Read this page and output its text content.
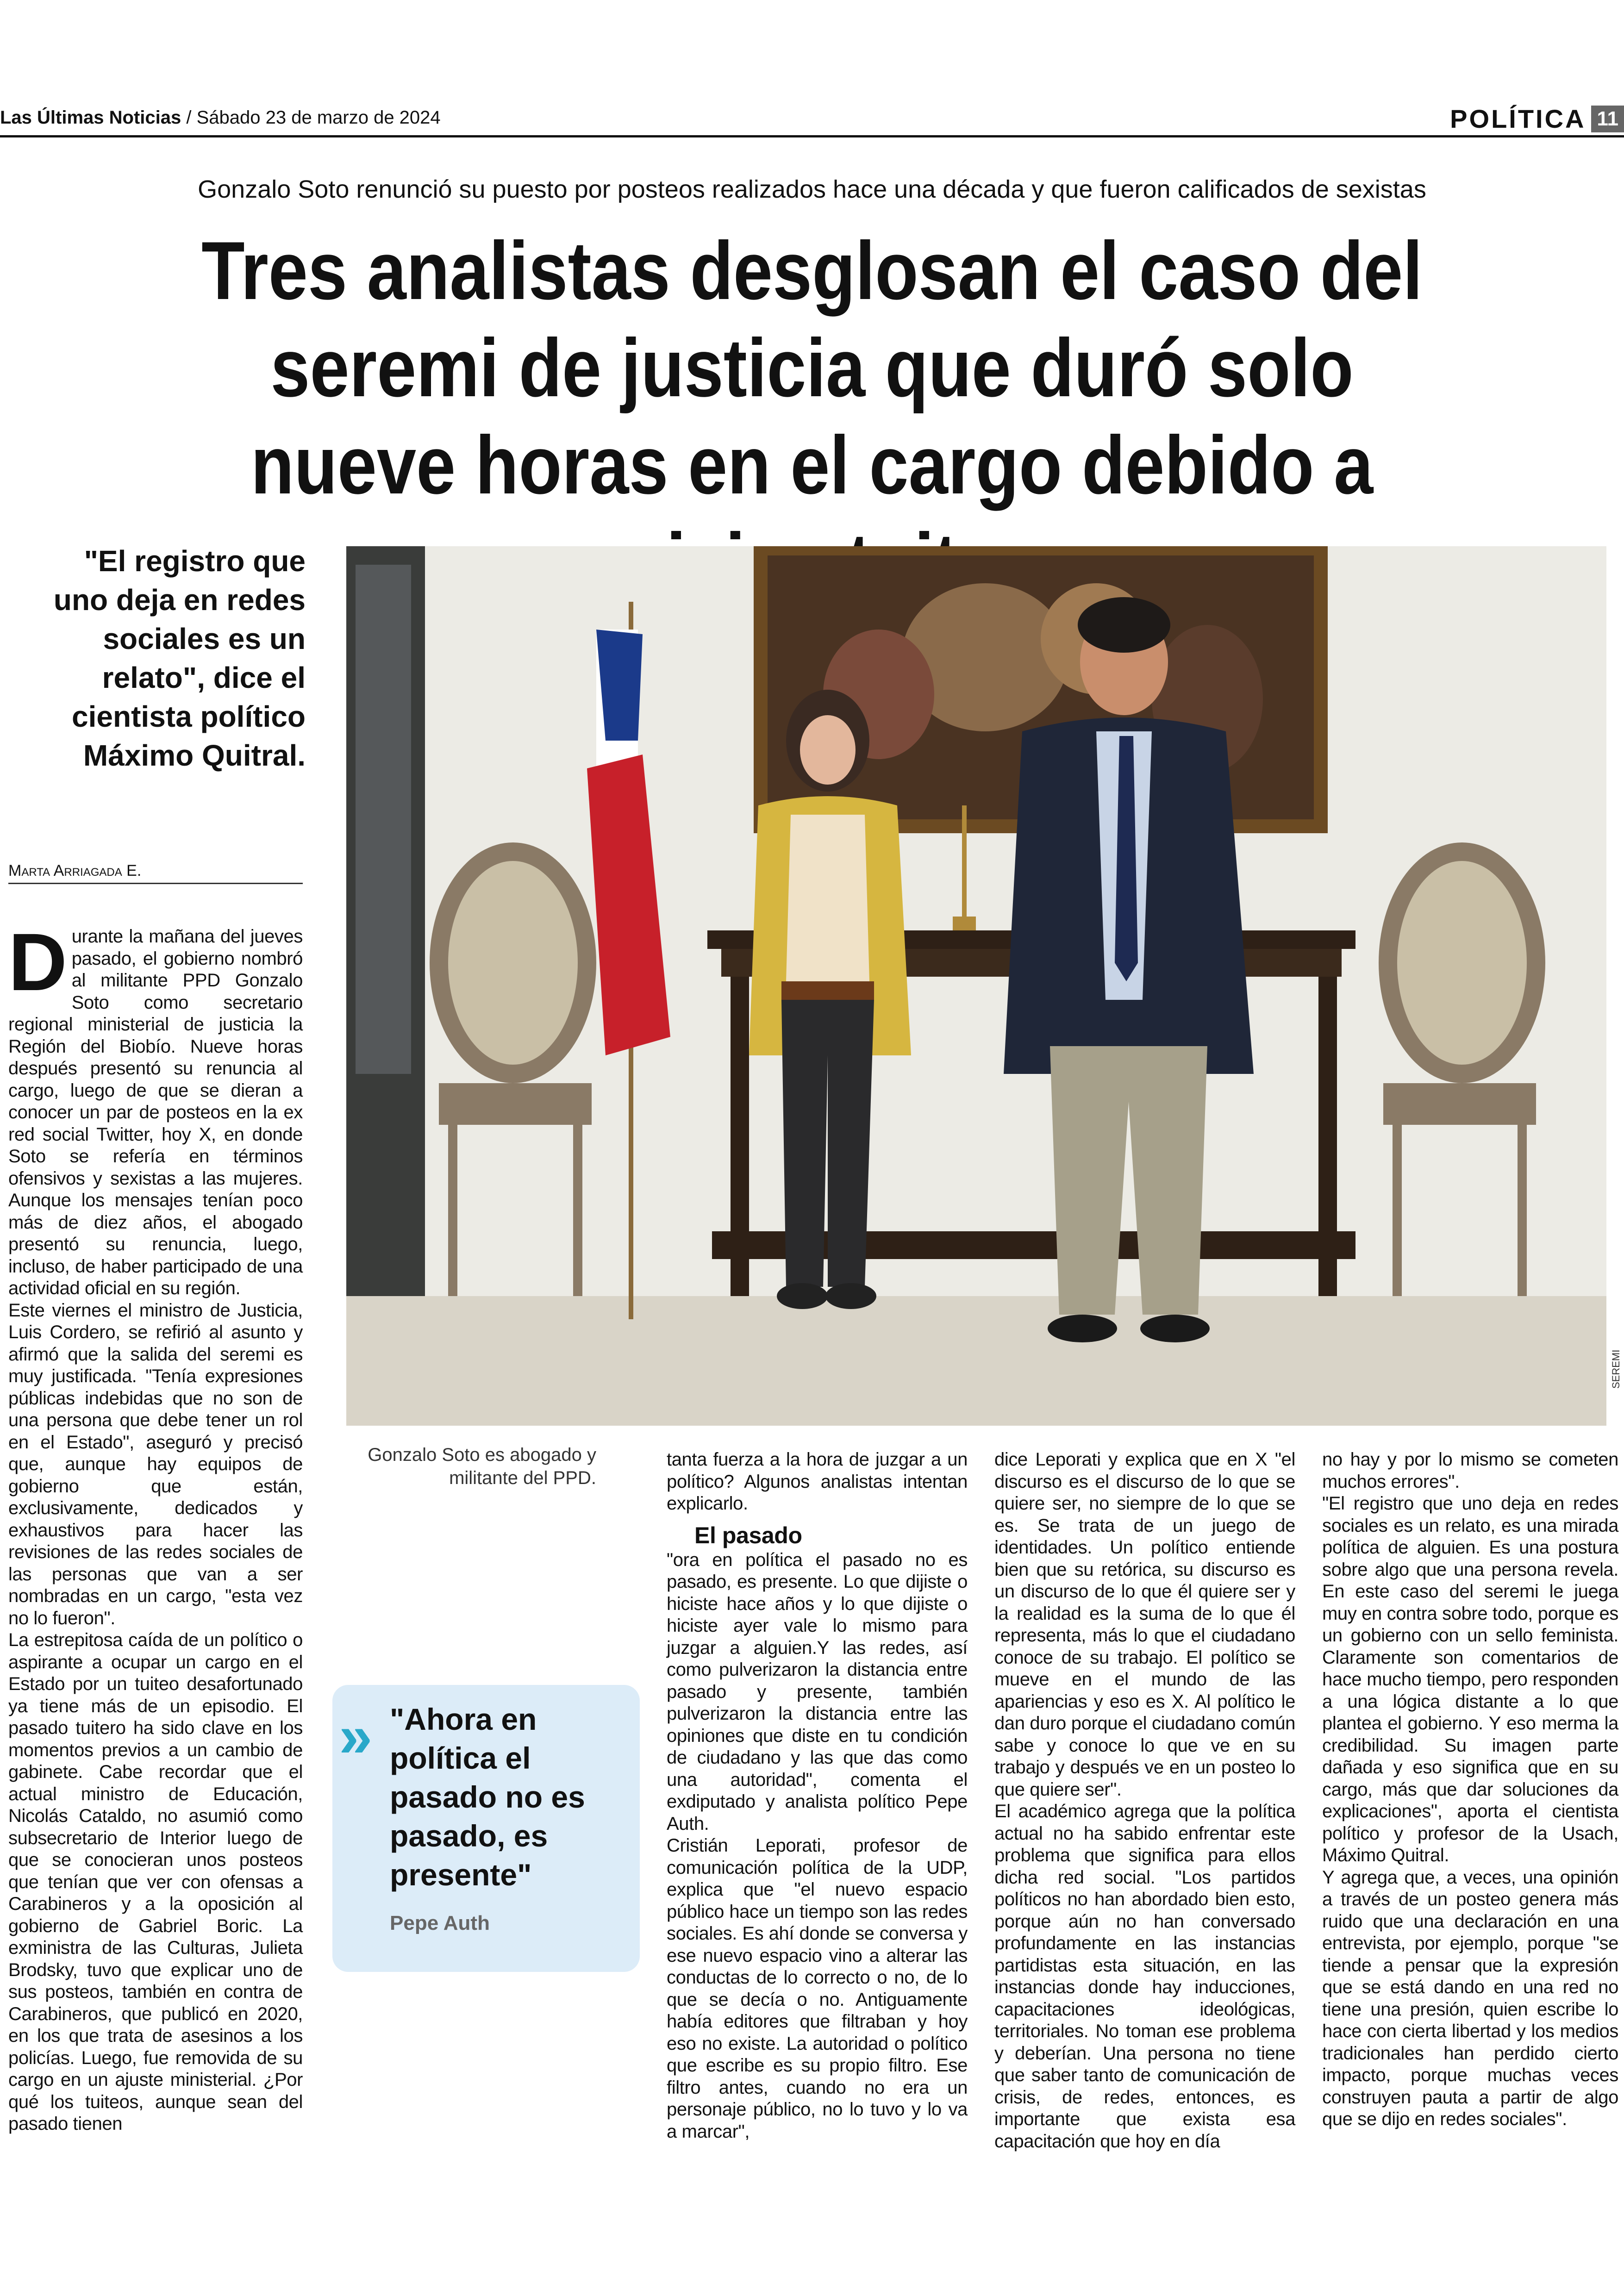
Las Últimas Noticias / Sábado 23 de marzo de 2024	POLÍTICA 11
Gonzalo Soto renunció su puesto por posteos realizados hace una década y que fueron calificados de sexistas
Tres analistas desglosan el caso del seremi de justicia que duró solo nueve horas en el cargo debido a
"El registro que uno deja en redes sociales es un relato", dice el cientista político Máximo Quitral.
Marta Arriagada E.
SEREMI
Gonzalo Soto es abogado y militante del PPD.
Durante la mañana del jueves pasado, el gobierno nombró al militante PPD Gonzalo Soto como secretario regional ministerial de justicia la Región del Biobío. Nueve horas después presentó su renuncia al cargo, luego de que se dieran a conocer un par de posteos en la ex red social Twitter, hoy X, en donde Soto se refería en términos ofensivos y sexistas a las mujeres. Aunque los mensajes tenían poco más de diez años, el abogado presentó su renuncia, luego, incluso, de haber participado de una actividad oficial en su región.
Este viernes el ministro de Justicia, Luis Cordero, se refirió al asunto y afirmó que la salida del seremi es muy justificada. "Tenía expresiones públicas indebidas que no son de una persona que debe tener un rol en el Estado", aseguró y precisó que, aunque hay equipos de gobierno que están, exclusivamente, dedicados y exhaustivos para hacer las revisiones de las redes sociales de las personas que van a ser nombradas en un cargo, "esta vez no lo fueron".
La estrepitosa caída de un político o aspirante a ocupar un cargo en el Estado por un tuiteo desafortunado ya tiene más de un episodio. El pasado tuitero ha sido clave en los momentos previos a un cambio de gabinete. Cabe recordar que el actual ministro de Educación, Nicolás Cataldo, no asumió como subsecretario de Interior luego de que se conocieran unos posteos que tenían que ver con ofensas a Carabineros y a la oposición al gobierno de Gabriel Boric. La exministra de las Culturas, Julieta Brodsky, tuvo que explicar uno de sus posteos, también en contra de Carabineros, que publicó en 2020, en los que trata de asesinos a los policías. Luego, fue removida de su cargo en un ajuste ministerial. ¿Por qué los tuiteos, aunque sean del pasado tienen
» "Ahora en política el pasado no es pasado, es presente"
Pepe Auth
tanta fuerza a la hora de juzgar a un político? Algunos analistas intentan explicarlo.
El pasado
"ora en política el pasado no es pasado, es presente. Lo que dijiste o hiciste hace años y lo que dijiste o hiciste ayer vale lo mismo para juzgar a alguien.Y las redes, así como pulverizaron la distancia entre pasado y presente, también pulverizaron la distancia entre las opiniones que diste en tu condición de ciudadano y las que das como una autoridad", comenta el exdiputado y analista político Pepe Auth.
Cristián Leporati, profesor de comunicación política de la UDP, explica que "el nuevo espacio público hace un tiempo son las redes sociales. Es ahí donde se conversa y ese nuevo espacio vino a alterar las conductas de lo correcto o no, de lo que se decía o no. Antiguamente había editores que filtraban y hoy eso no existe. La autoridad o político que escribe es su propio filtro. Ese filtro antes, cuando no era un personaje público, no lo tuvo y lo va a marcar",
dice Leporati y explica que en X "el discurso es el discurso de lo que se quiere ser, no siempre de lo que se es. Se trata de un juego de identidades. Un político entiende bien que su retórica, su discurso es un discurso de lo que él quiere ser y la realidad es la suma de lo que él representa, más lo que el ciudadano conoce de su trabajo. El político se mueve en el mundo de las apariencias y eso es X. Al político le dan duro porque el ciudadano común sabe y conoce lo que ve en su trabajo y después ve en un posteo lo que quiere ser".
El académico agrega que la política actual no ha sabido enfrentar este problema que significa para ellos dicha red social. "Los partidos políticos no han abordado bien esto, porque aún no han conversado profundamente en las instancias partidistas esta situación, en las instancias donde hay inducciones, capacitaciones ideológicas, territoriales. No toman ese problema y deberían. Una persona no tiene que saber tanto de comunicación de crisis, de redes, entonces, es importante que exista esa capacitación que hoy en día
no hay y por lo mismo se cometen muchos errores".
"El registro que uno deja en redes sociales es un relato, es una mirada política de alguien. Es una postura sobre algo que una persona revela. En este caso del seremi le juega muy en contra sobre todo, porque es un gobierno con un sello feminista. Claramente son comentarios de hace mucho tiempo, pero responden a una lógica distante a lo que plantea el gobierno. Y eso merma la credibilidad. Su imagen parte dañada y eso significa que en su cargo, más que dar soluciones da explicaciones", aporta el cientista político y profesor de la Usach, Máximo Quitral.
Y agrega que, a veces, una opinión a través de un posteo genera más ruido que una declaración en una entrevista, por ejemplo, porque "se tiende a pensar que la expresión que se está dando en una red no tiene una presión, quien escribe lo hace con cierta libertad y los medios tradicionales han perdido cierto impacto, porque muchas veces construyen pauta a partir de algo que se dijo en redes sociales".
